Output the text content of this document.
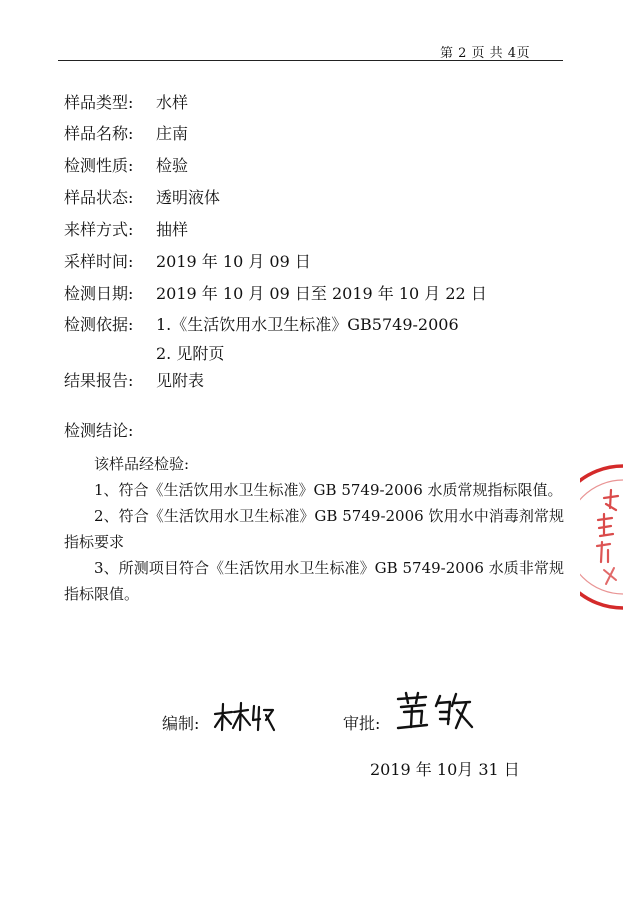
第 2 页 共 4页
样品类型: 水样
样品名称: 庄南
检测性质: 检验
样品状态: 透明液体
来样方式: 抽样
采样时间: 2019 年 10 月 09 日
检测日期: 2019 年 10 月 09 日至 2019 年 10 月 22 日
检测依据: 1.《生活饮用水卫生标准》GB5749-2006
2. 见附页
结果报告: 见附表
检测结论:
该样品经检验:
1、符合《生活饮用水卫生标准》GB 5749-2006 水质常规指标限值。
2、符合《生活饮用水卫生标准》GB 5749-2006 饮用水中消毒剂常规指标要求
3、所测项目符合《生活饮用水卫生标准》GB 5749-2006 水质非常规指标限值。
编制:	审批:
2019 年 10月 31 日
